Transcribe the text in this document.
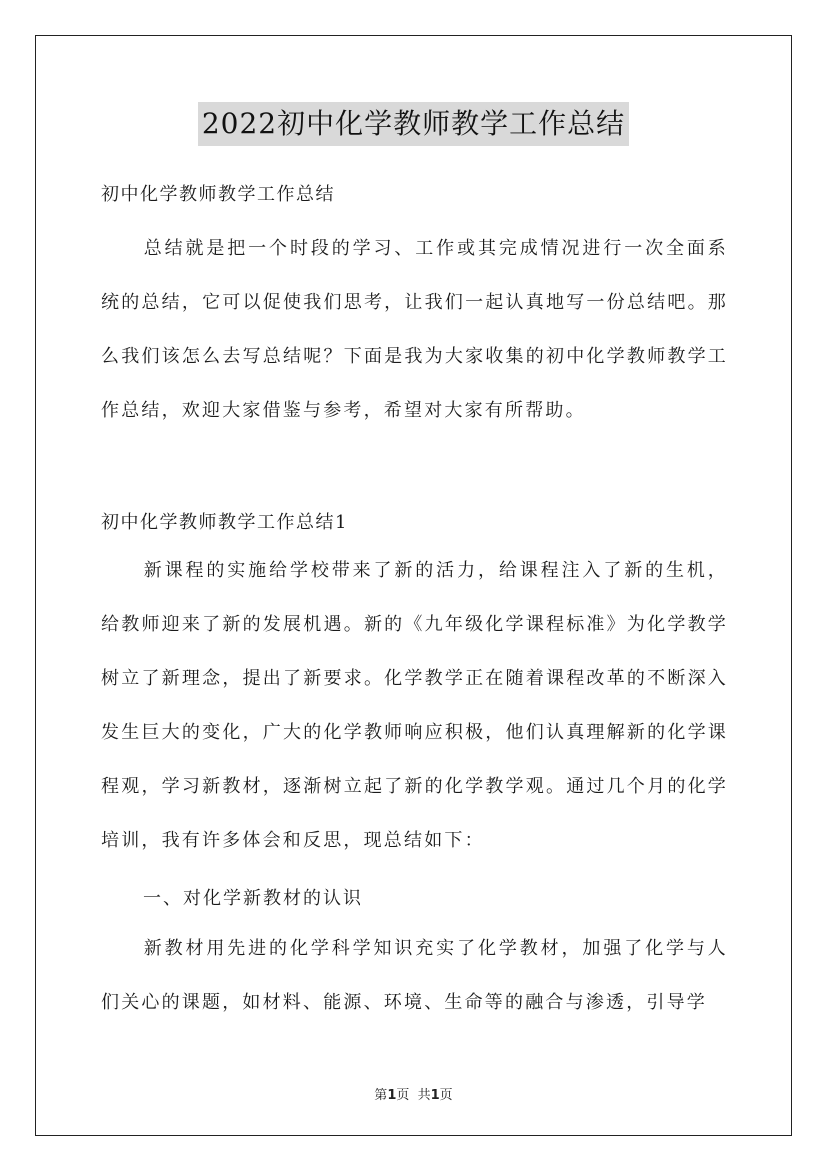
2022初中化学教师教学工作总结
初中化学教师教学工作总结
总结就是把一个时段的学习、工作或其完成情况进行一次全面系统的总结，它可以促使我们思考，让我们一起认真地写一份总结吧。那么我们该怎么去写总结呢？下面是我为大家收集的初中化学教师教学工作总结，欢迎大家借鉴与参考，希望对大家有所帮助。
初中化学教师教学工作总结1
新课程的实施给学校带来了新的活力，给课程注入了新的生机，给教师迎来了新的发展机遇。新的《九年级化学课程标准》为化学教学树立了新理念，提出了新要求。化学教学正在随着课程改革的不断深入发生巨大的变化，广大的化学教师响应积极，他们认真理解新的化学课程观，学习新教材，逐渐树立起了新的化学教学观。通过几个月的化学培训，我有许多体会和反思，现总结如下：
一、对化学新教材的认识
新教材用先进的化学科学知识充实了化学教材，加强了化学与人们关心的课题，如材料、能源、环境、生命等的融合与渗透，引导学
第1页  共1页
